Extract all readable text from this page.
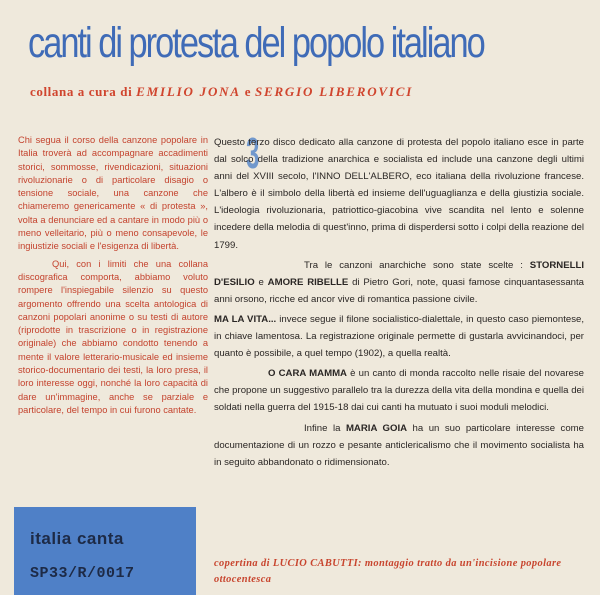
canti di protesta del popolo italiano
collana a cura di EMILIO JONA e SERGIO LIBEROVICI

Chi segua il corso della canzone popolare in Italia troverà ad accompagnare accadimenti storici, sommosse, rivendicazioni, situazioni rivoluzionarie o di particolare disagio o tensione sociale, una canzone che chiameremo genericamente « di protesta », volta a denunciare ed a cantare in modo più o meno velleitario, più o meno consapevole, le ingiustizie sociali e l'esigenza di libertà.

Qui, con i limiti che una collana discografica comporta, abbiamo voluto rompere l'inspiegabile silenzio su questo argomento offrendo una scelta antologica di canzoni popolari anonime o su testi di autore (riprodotte in trascrizione o in registrazione originale) che abbiamo condotto tenendo a mente il valore letterario-musicale ed insieme storico-documentario dei testi, la loro presa, il loro interesse oggi, nonché la loro capacità di dare un'immagine, anche se parziale e particolare, del tempo in cui furono cantate.

3

Questo terzo disco dedicato alla canzone di protesta del popolo italiano esce in parte dal solco della tradizione anarchica e socialista ed include una canzone degli ultimi anni del XVIII secolo, l'INNO DELL'ALBERO, eco italiana della rivoluzione francese. L'albero è il simbolo della libertà ed insieme dell'uguaglianza e della giustizia sociale. L'ideologia rivoluzionaria, patriottico-giacobina vive scandita nel lento e solenne incedere della melodia di quest'inno, prima di disperdersi sotto i colpi della reazione del 1799.

Tra le canzoni anarchiche sono state scelte : STORNELLI D'ESILIO e AMORE RIBELLE di Pietro Gori, note, quasi famose cinquantasessanta anni orsono, ricche ed ancor vive di romantica passione civile.

MA LA VITA... invece segue il filone socialistico-dialettale, in questo caso piemontese, in chiave lamentosa. La registrazione originale permette di gustarla avvicinandoci, per quanto è possibile, a quel tempo (1902), a quella realtà.

O CARA MAMMA è un canto di monda raccolto nelle risaie del novarese che propone un suggestivo parallelo tra la durezza della vita della mondina e quella dei soldati nella guerra del 1915-18 dai cui canti ha mutuato i suoi moduli melodici.

Infine la MARIA GOIA ha un suo particolare interesse come documentazione di un rozzo e pesante anticlericalismo che il movimento socialista ha in seguito abbandonato o ridimensionato.

italia canta
SP33/R/0017
copertina di LUCIO CABUTTI: montaggio tratto da un'incisione popolare ottocentesca
